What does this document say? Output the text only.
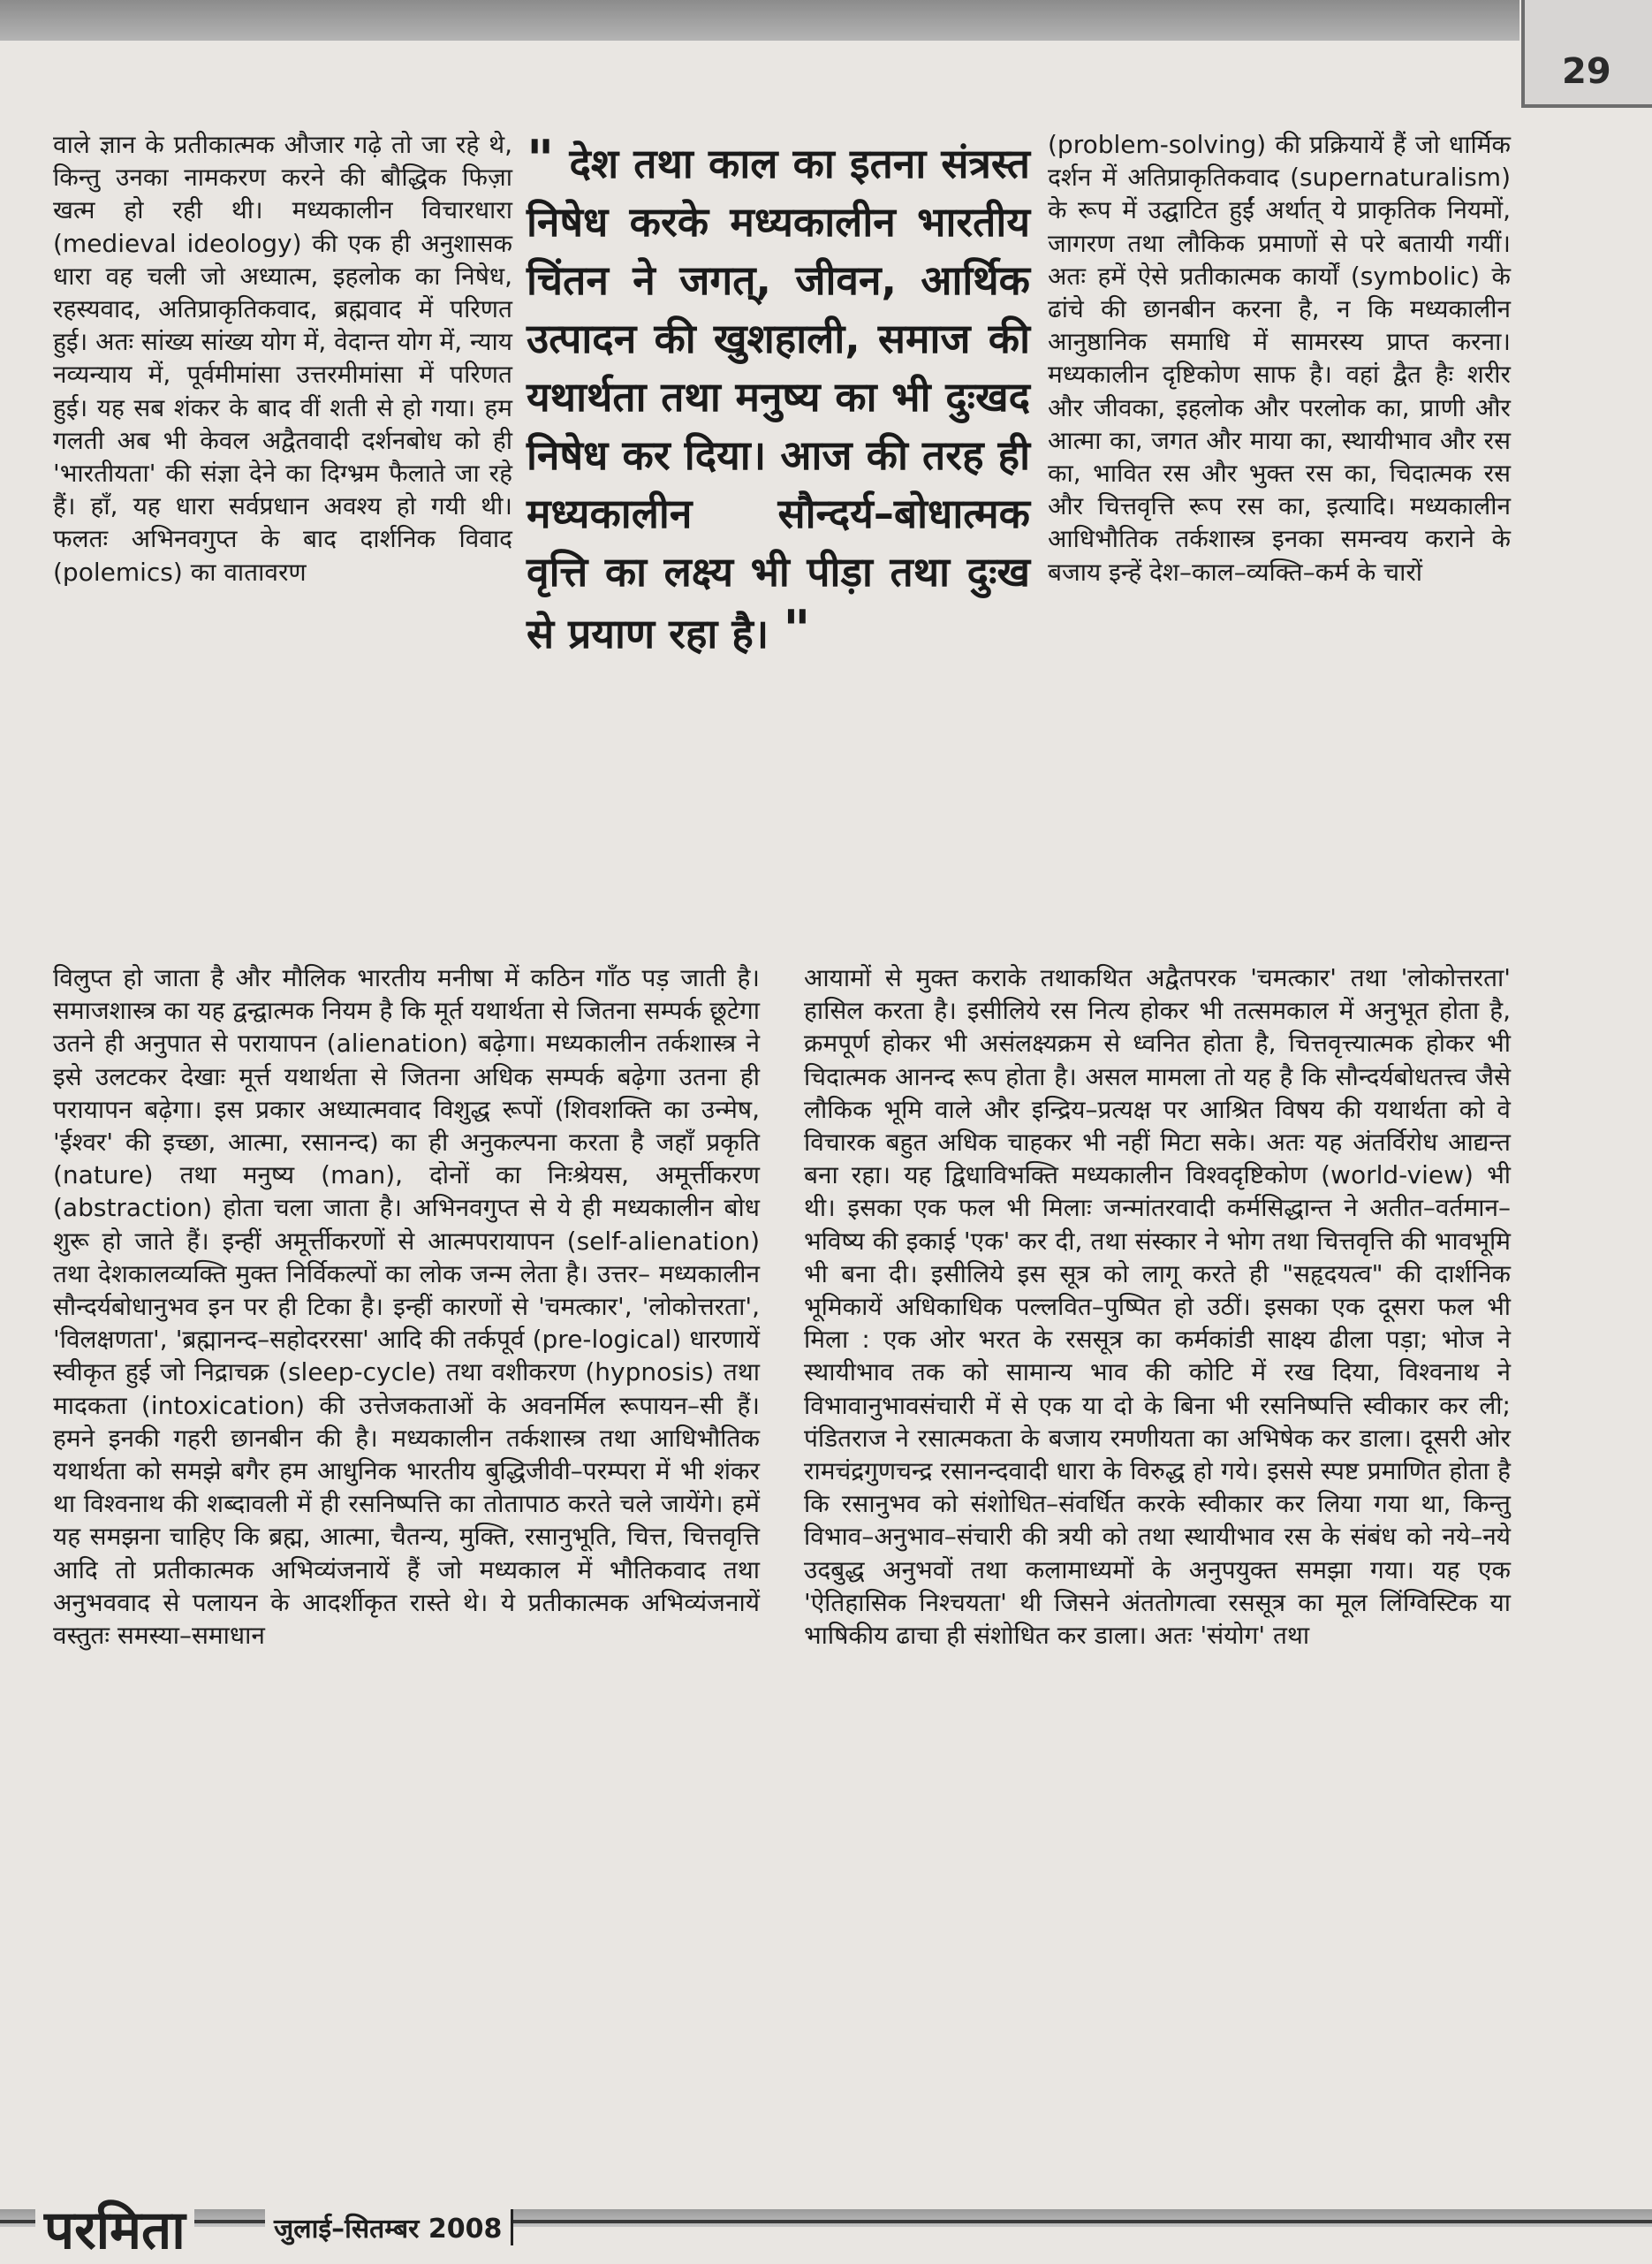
29

वाले ज्ञान के प्रतीकात्मक औजार गढ़े तो जा रहे थे, किन्तु उनका नामकरण करने की बौद्धिक फिज़ा खत्म हो रही थी। मध्यकालीन विचारधारा (medieval ideology) की एक ही अनुशासक धारा वह चली जो अध्यात्म, इहलोक का निषेध, रहस्यवाद, अतिप्राकृतिकवाद, ब्रह्मवाद में परिणत हुई। अतः सांख्य सांख्य योग में, वेदान्त योग में, न्याय नव्यन्याय में, पूर्वमीमांसा उत्तरमीमांसा में परिणत हुई। यह सब शंकर के बाद वीं शती से हो गया। हम गलती अब भी केवल अद्वैतवादी दर्शनबोध को ही 'भारतीयता' की संज्ञा देने का दिग्भ्रम फैलाते जा रहे हैं। हाँ, यह धारा सर्वप्रधान अवश्य हो गयी थी। फलतः अभिनवगुप्त के बाद दार्शनिक विवाद (polemics) का वातावरण

" देश तथा काल का इतना संत्रस्त निषेध करके मध्यकालीन भारतीय चिंतन ने जगत्, जीवन, आर्थिक उत्पादन की खुशहाली, समाज की यथार्थता तथा मनुष्य का भी दुःखद निषेध कर दिया। आज की तरह ही मध्यकालीन सौन्दर्य–बोधात्मक वृत्ति का लक्ष्य भी पीड़ा तथा दुःख से प्रयाण रहा है। "

(problem-solving) की प्रक्रियायें हैं जो धार्मिक दर्शन में अतिप्राकृतिकवाद (supernaturalism) के रूप में उद्घाटित हुईं अर्थात् ये प्राकृतिक नियमों, जागरण तथा लौकिक प्रमाणों से परे बतायी गयीं। अतः हमें ऐसे प्रतीकात्मक कार्यों (symbolic) के ढांचे की छानबीन करना है, न कि मध्यकालीन आनुष्ठानिक समाधि में सामरस्य प्राप्त करना। मध्यकालीन दृष्टिकोण साफ है। वहां द्वैत हैः शरीर और जीवका, इहलोक और परलोक का, प्राणी और आत्मा का, जगत और माया का, स्थायीभाव और रस का, भावित रस और भुक्त रस का, चिदात्मक रस और चित्तवृत्ति रूप रस का, इत्यादि। मध्यकालीन आधिभौतिक तर्कशास्त्र इनका समन्वय कराने के बजाय इन्हें देश–काल–व्यक्ति–कर्म के चारों

विलुप्त हो जाता है और मौलिक भारतीय मनीषा में कठिन गाँठ पड़ जाती है। समाजशास्त्र का यह द्वन्द्वात्मक नियम है कि मूर्त यथार्थता से जितना सम्पर्क छूटेगा उतने ही अनुपात से परायापन (alienation) बढ़ेगा। मध्यकालीन तर्कशास्त्र ने इसे उलटकर देखाः मूर्त्त यथार्थता से जितना अधिक सम्पर्क बढ़ेगा उतना ही परायापन बढ़ेगा। इस प्रकार अध्यात्मवाद विशुद्ध रूपों (शिवशक्ति का उन्मेष, 'ईश्वर' की इच्छा, आत्मा, रसानन्द) का ही अनुकल्पना करता है जहाँ प्रकृति (nature) तथा मनुष्य (man), दोनों का निःश्रेयस, अमूर्त्तीकरण (abstraction) होता चला जाता है। अभिनवगुप्त से ये ही मध्यकालीन बोध शुरू हो जाते हैं। इन्हीं अमूर्त्तीकरणों से आत्मपरायापन (self-alienation) तथा देशकालव्यक्ति मुक्त निर्विकल्पों का लोक जन्म लेता है। उत्तर– मध्यकालीन सौन्दर्यबोधानुभव इन पर ही टिका है। इन्हीं कारणों से 'चमत्कार', 'लोकोत्तरता', 'विलक्षणता', 'ब्रह्मानन्द–सहोदररसा' आदि की तर्कपूर्व (pre-logical) धारणायें स्वीकृत हुई जो निद्राचक्र (sleep-cycle) तथा वशीकरण (hypnosis) तथा मादकता (intoxication) की उत्तेजकताओं के अवनर्मिल रूपायन–सी हैं। हमने इनकी गहरी छानबीन की है। मध्यकालीन तर्कशास्त्र तथा आधिभौतिक यथार्थता को समझे बगैर हम आधुनिक भारतीय बुद्धिजीवी–परम्परा में भी शंकर था विश्वनाथ की शब्दावली में ही रसनिष्पत्ति का तोतापाठ करते चले जायेंगे। हमें यह समझना चाहिए कि ब्रह्म, आत्मा, चैतन्य, मुक्ति, रसानुभूति, चित्त, चित्तवृत्ति आदि तो प्रतीकात्मक अभिव्यंजनायें हैं जो मध्यकाल में भौतिकवाद तथा अनुभववाद से पलायन के आदर्शीकृत रास्ते थे। ये प्रतीकात्मक अभिव्यंजनायें वस्तुतः समस्या–समाधान

आयामों से मुक्त कराके तथाकथित अद्वैतपरक 'चमत्कार' तथा 'लोकोत्तरता' हासिल करता है। इसीलिये रस नित्य होकर भी तत्समकाल में अनुभूत होता है, क्रमपूर्ण होकर भी असंलक्ष्यक्रम से ध्वनित होता है, चित्तवृत्त्यात्मक होकर भी चिदात्मक आनन्द रूप होता है। असल मामला तो यह है कि सौन्दर्यबोधतत्त्व जैसे लौकिक भूमि वाले और इन्द्रिय–प्रत्यक्ष पर आश्रित विषय की यथार्थता को वे विचारक बहुत अधिक चाहकर भी नहीं मिटा सके। अतः यह अंतर्विरोध आद्यन्त बना रहा। यह द्विधाविभक्ति मध्यकालीन विश्वदृष्टिकोण (world-view) भी थी। इसका एक फल भी मिलाः जन्मांतरवादी कर्मसिद्धान्त ने अतीत–वर्तमान–भविष्य की इकाई 'एक' कर दी, तथा संस्कार ने भोग तथा चित्तवृत्ति की भावभूमि भी बना दी। इसीलिये इस सूत्र को लागू करते ही "सहृदयत्व" की दार्शनिक भूमिकायें अधिकाधिक पल्लवित–पुष्पित हो उठीं। इसका एक दूसरा फल भी मिला : एक ओर भरत के रससूत्र का कर्मकांडी साक्ष्य ढीला पड़ा; भोज ने स्थायीभाव तक को सामान्य भाव की कोटि में रख दिया, विश्वनाथ ने विभावानुभावसंचारी में से एक या दो के बिना भी रसनिष्पत्ति स्वीकार कर ली; पंडितराज ने रसात्मकता के बजाय रमणीयता का अभिषेक कर डाला। दूसरी ओर रामचंद्रगुणचन्द्र रसानन्दवादी धारा के विरुद्ध हो गये। इससे स्पष्ट प्रमाणित होता है कि रसानुभव को संशोधित–संवर्धित करके स्वीकार कर लिया गया था, किन्तु विभाव–अनुभाव–संचारी की त्रयी को तथा स्थायीभाव रस के संबंध को नये–नये उदबुद्ध अनुभवों तथा कलामाध्यमों के अनुपयुक्त समझा गया। यह एक 'ऐतिहासिक निश्चयता' थी जिसने अंततोगत्वा रससूत्र का मूल लिंग्विस्टिक या भाषिकीय ढाचा ही संशोधित कर डाला। अतः 'संयोग' तथा

परमिता	जुलाई–सितम्बर 2008
